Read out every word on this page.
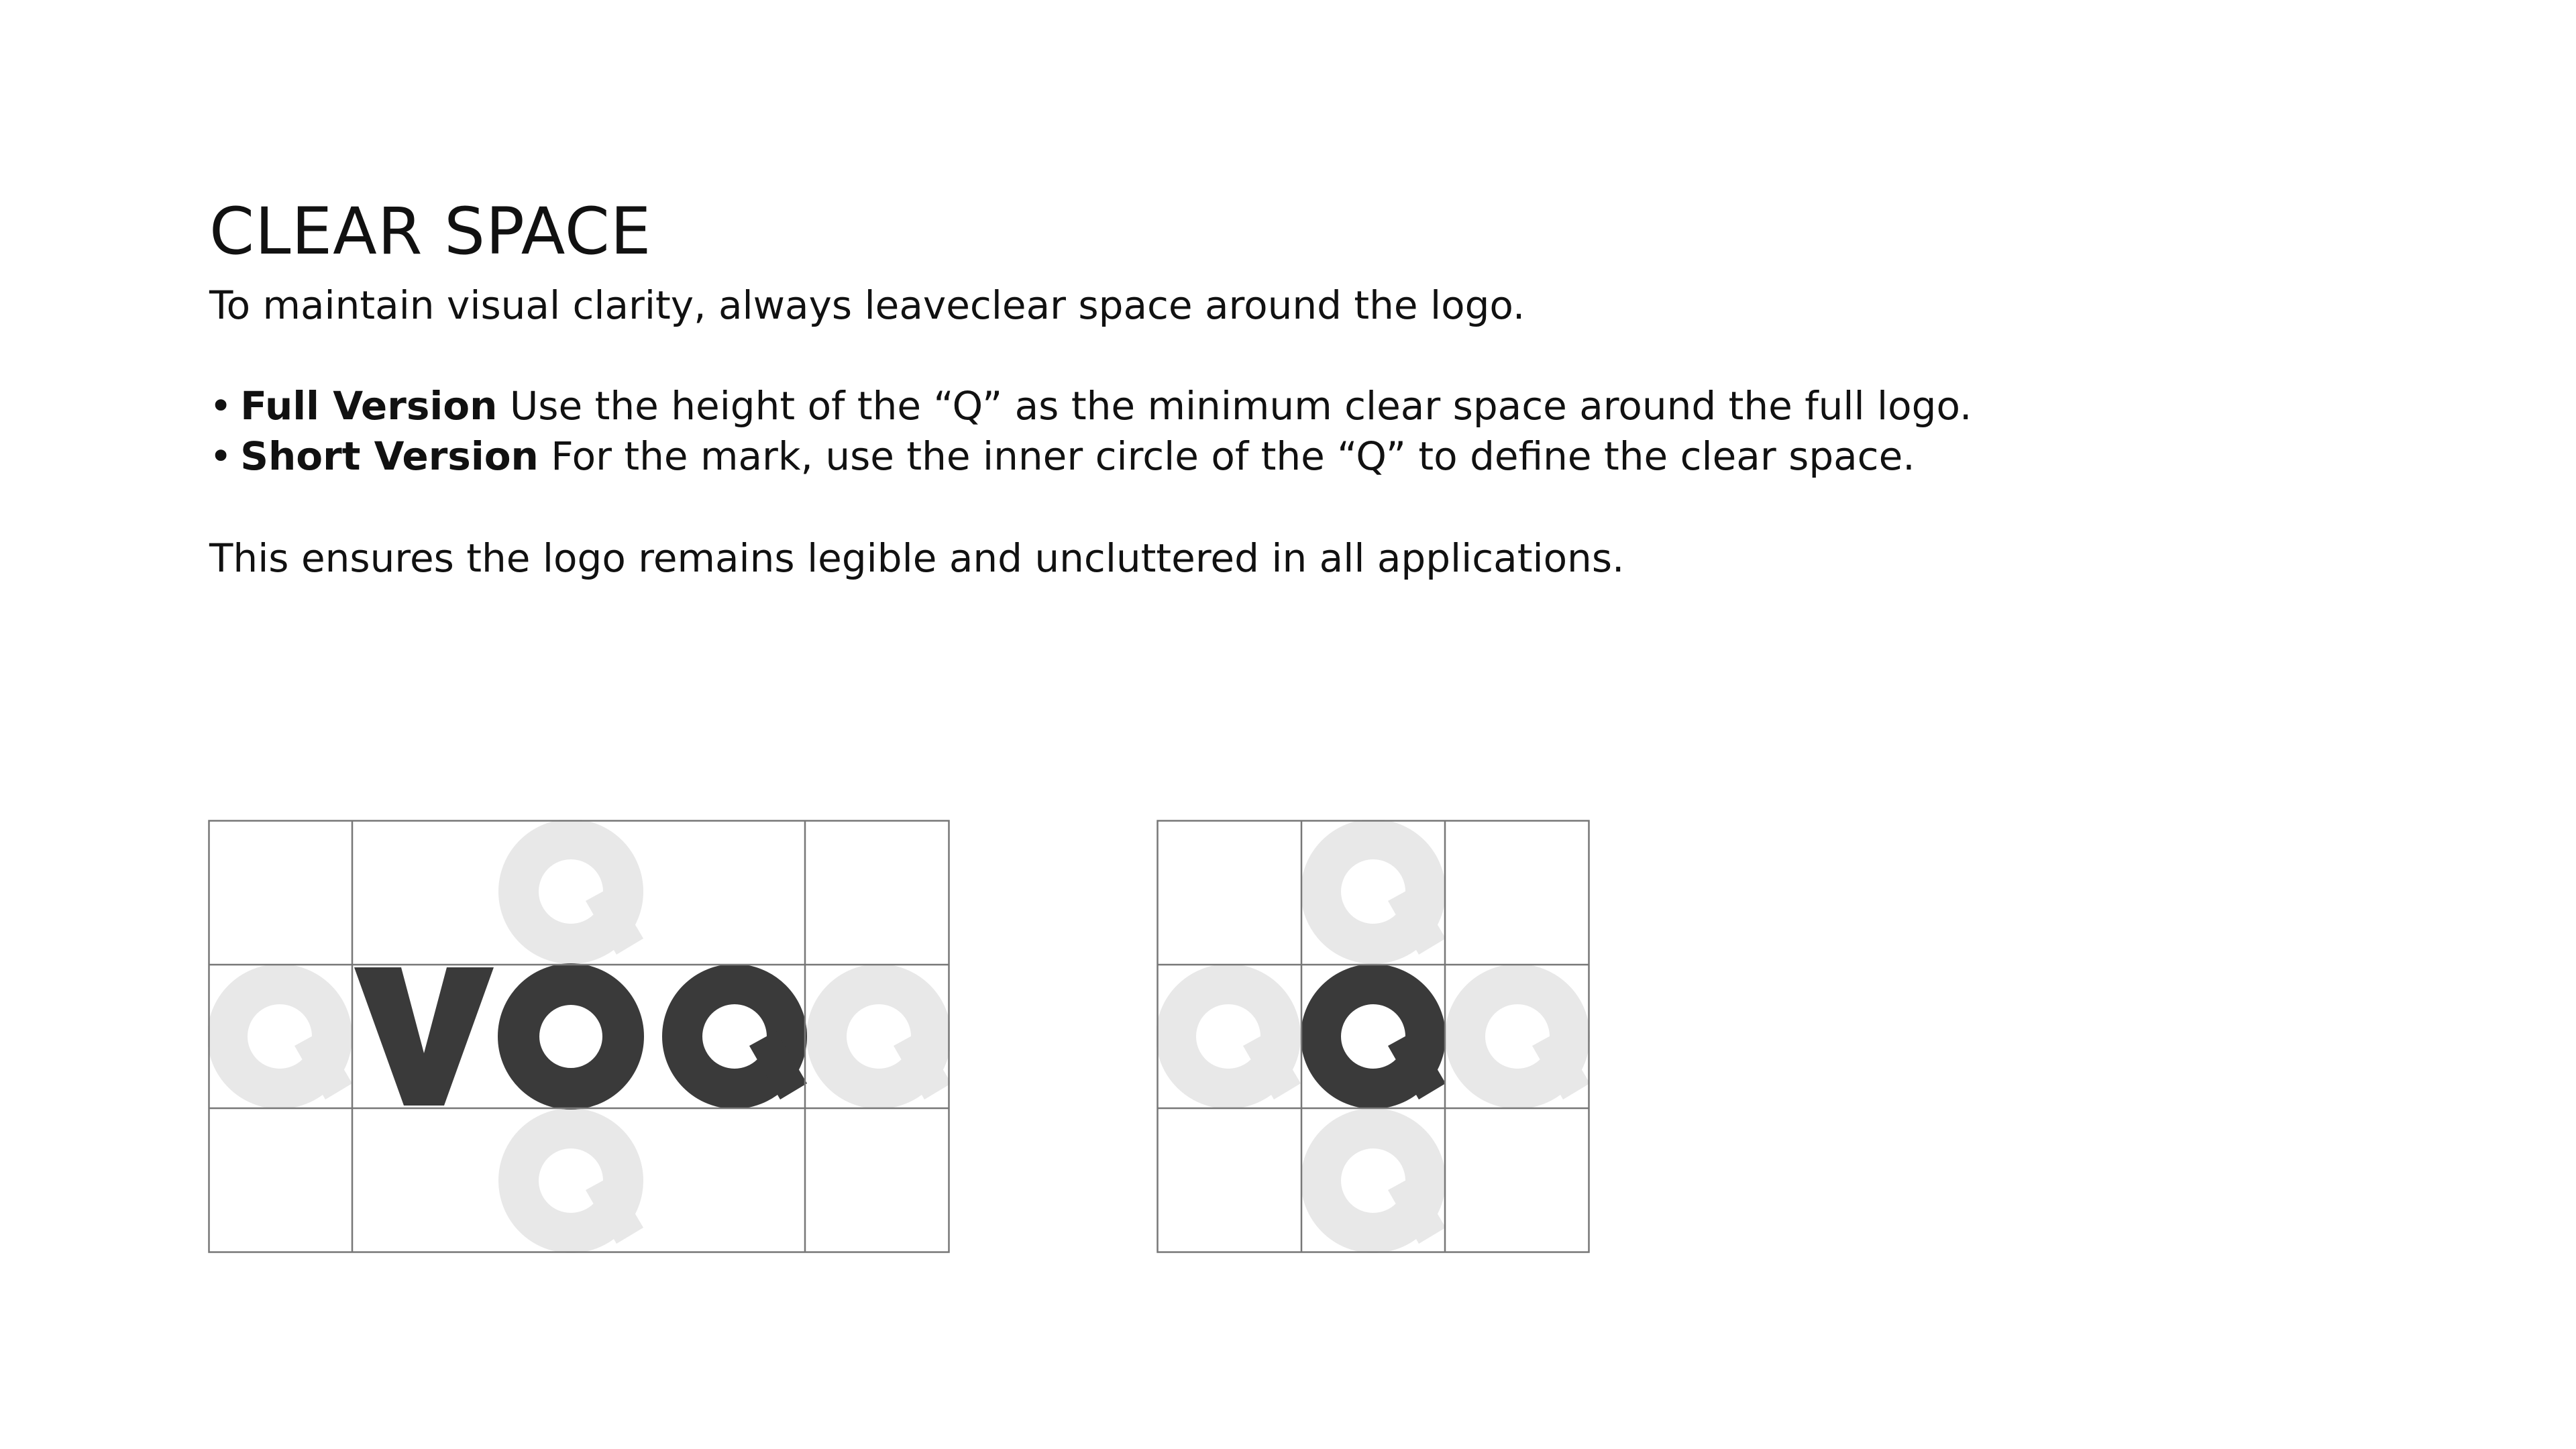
CLEAR SPACE
To maintain visual clarity, always leaveclear space around the logo.
• Full Version Use the height of the “Q” as the minimum clear space around the full logo.
• Short Version For the mark, use the inner circle of the “Q” to define the clear space.
This ensures the logo remains legible and uncluttered in all applications.
